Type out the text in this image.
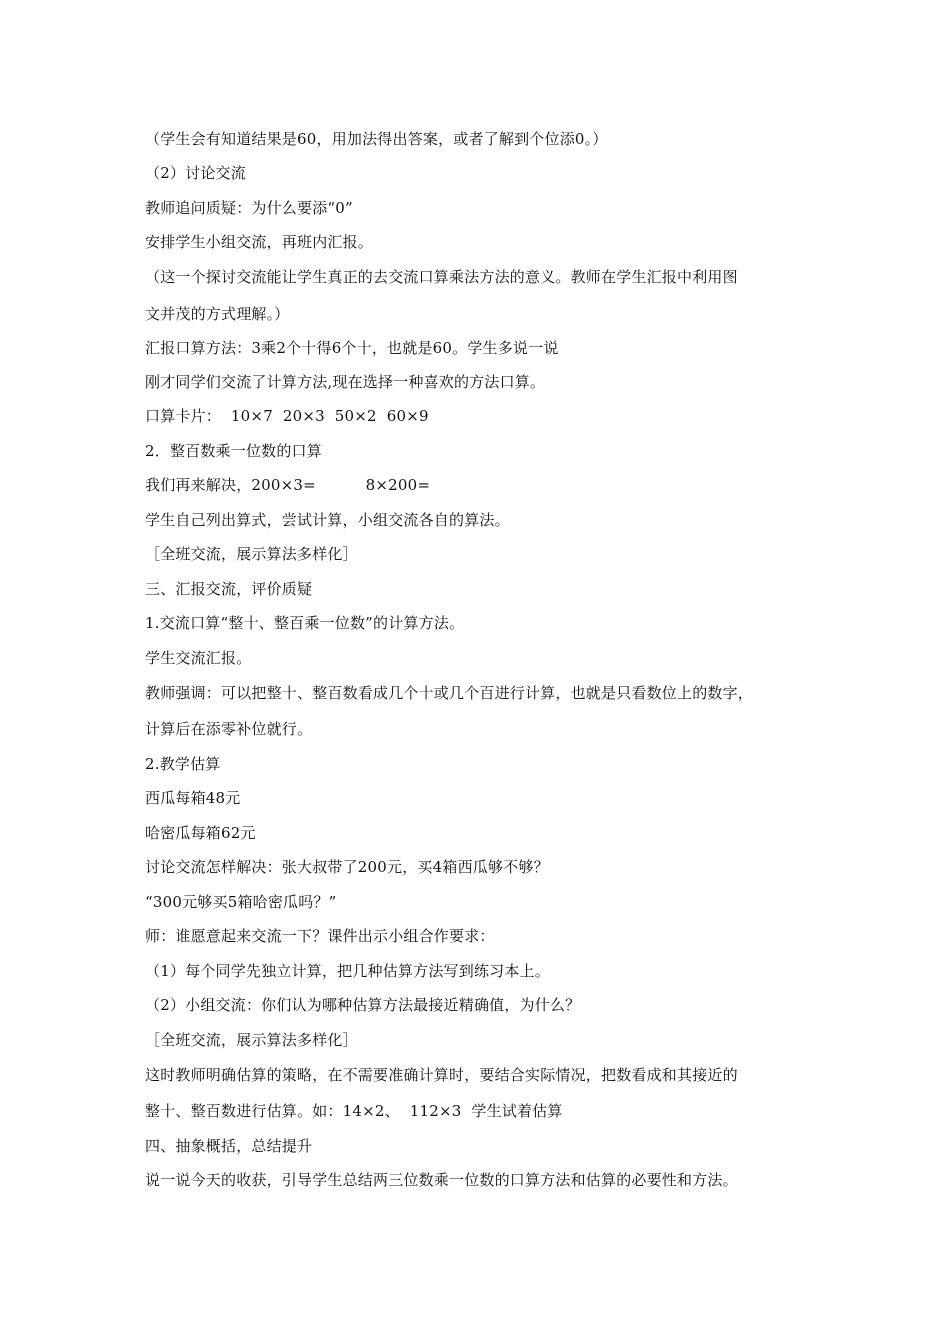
（学生会有知道结果是60，用加法得出答案，或者了解到个位添0。）
（2）讨论交流
教师追问质疑：为什么要添“0”
安排学生小组交流，再班内汇报。
（这一个探讨交流能让学生真正的去交流口算乘法方法的意义。教师在学生汇报中利用图
文并茂的方式理解。）
汇报口算方法：3乘2个十得6个十，也就是60。学生多说一说
刚才同学们交流了计算方法,现在选择一种喜欢的方法口算。
口算卡片：  10×7  20×3  50×2  60×9
2．整百数乘一位数的口算
我们再来解决，200×3=          8×200=
学生自己列出算式，尝试计算，小组交流各自的算法。
［全班交流，展示算法多样化］
三、汇报交流，评价质疑
1.交流口算“整十、整百乘一位数”的计算方法。
学生交流汇报。
教师强调：可以把整十、整百数看成几个十或几个百进行计算，也就是只看数位上的数字，
计算后在添零补位就行。
2.教学估算
西瓜每箱48元
哈密瓜每箱62元
讨论交流怎样解决：张大叔带了200元，买4箱西瓜够不够？
“300元够买5箱哈密瓜吗？”
师：谁愿意起来交流一下？课件出示小组合作要求：
（1）每个同学先独立计算，把几种估算方法写到练习本上。
（2）小组交流：你们认为哪种估算方法最接近精确值，为什么？
［全班交流，展示算法多样化］
这时教师明确估算的策略，在不需要准确计算时，要结合实际情况，把数看成和其接近的
整十、整百数进行估算。如：14×2、  112×3  学生试着估算
四、抽象概括，总结提升
说一说今天的收获，引导学生总结两三位数乘一位数的口算方法和估算的必要性和方法。
